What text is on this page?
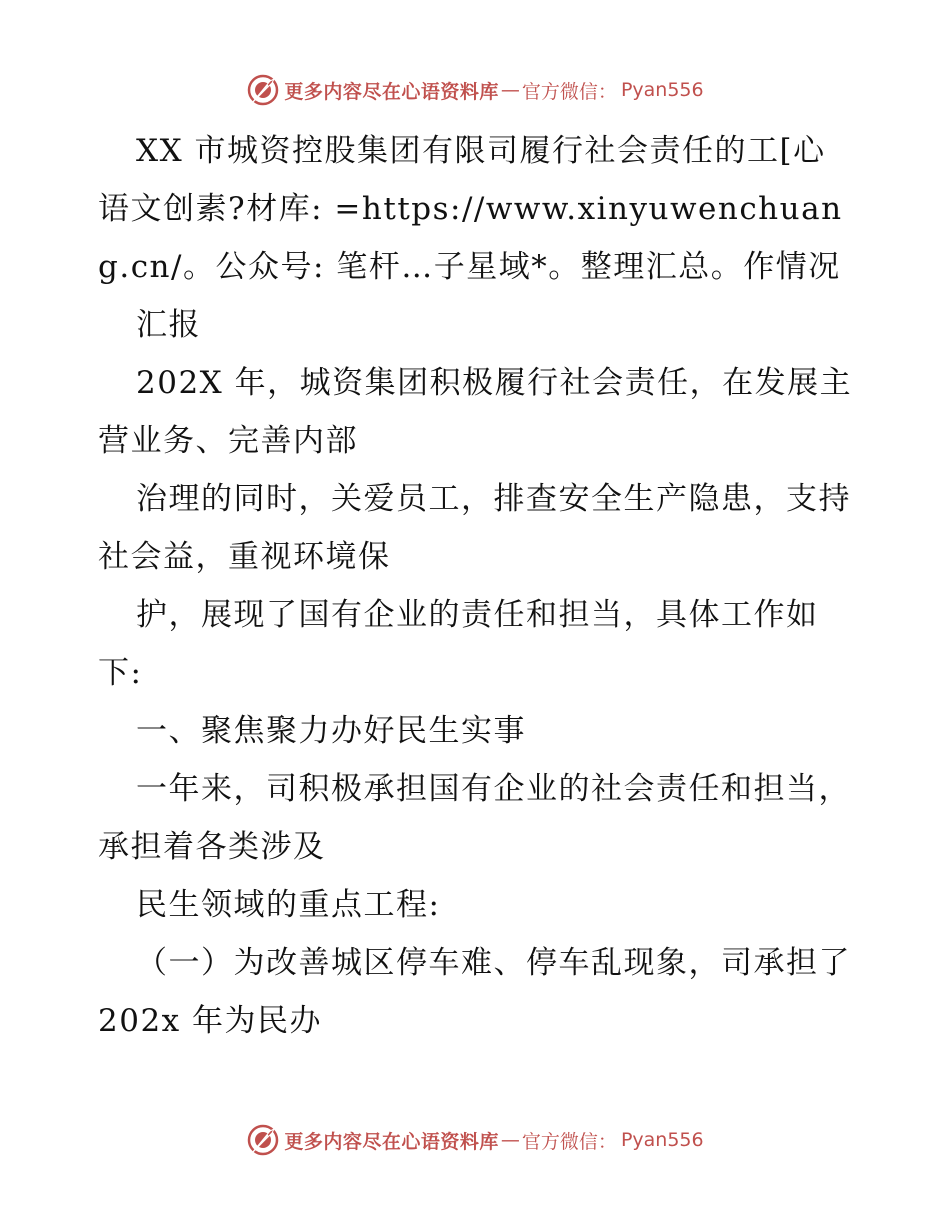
更多内容尽在心语资料库 — 官方微信： Pyan556

XX 市城资控股集团有限司履行社会责任的工[心语文创素?材库: =https://www.xinyuwenchuang.cn/。公众号: 笔杆…子星域*。整理汇总。作情况

汇报

202X 年，城资集团积极履行社会责任，在发展主营业务、完善内部

治理的同时，关爱员工，排查安全生产隐患，支持社会益，重视环境保

护，展现了国有企业的责任和担当，具体工作如下:

一、聚焦聚力办好民生实事

一年来，司积极承担国有企业的社会责任和担当，承担着各类涉及

民生领域的重点工程:

（一）为改善城区停车难、停车乱现象，司承担了 202x 年为民办

更多内容尽在心语资料库 — 官方微信： Pyan556
